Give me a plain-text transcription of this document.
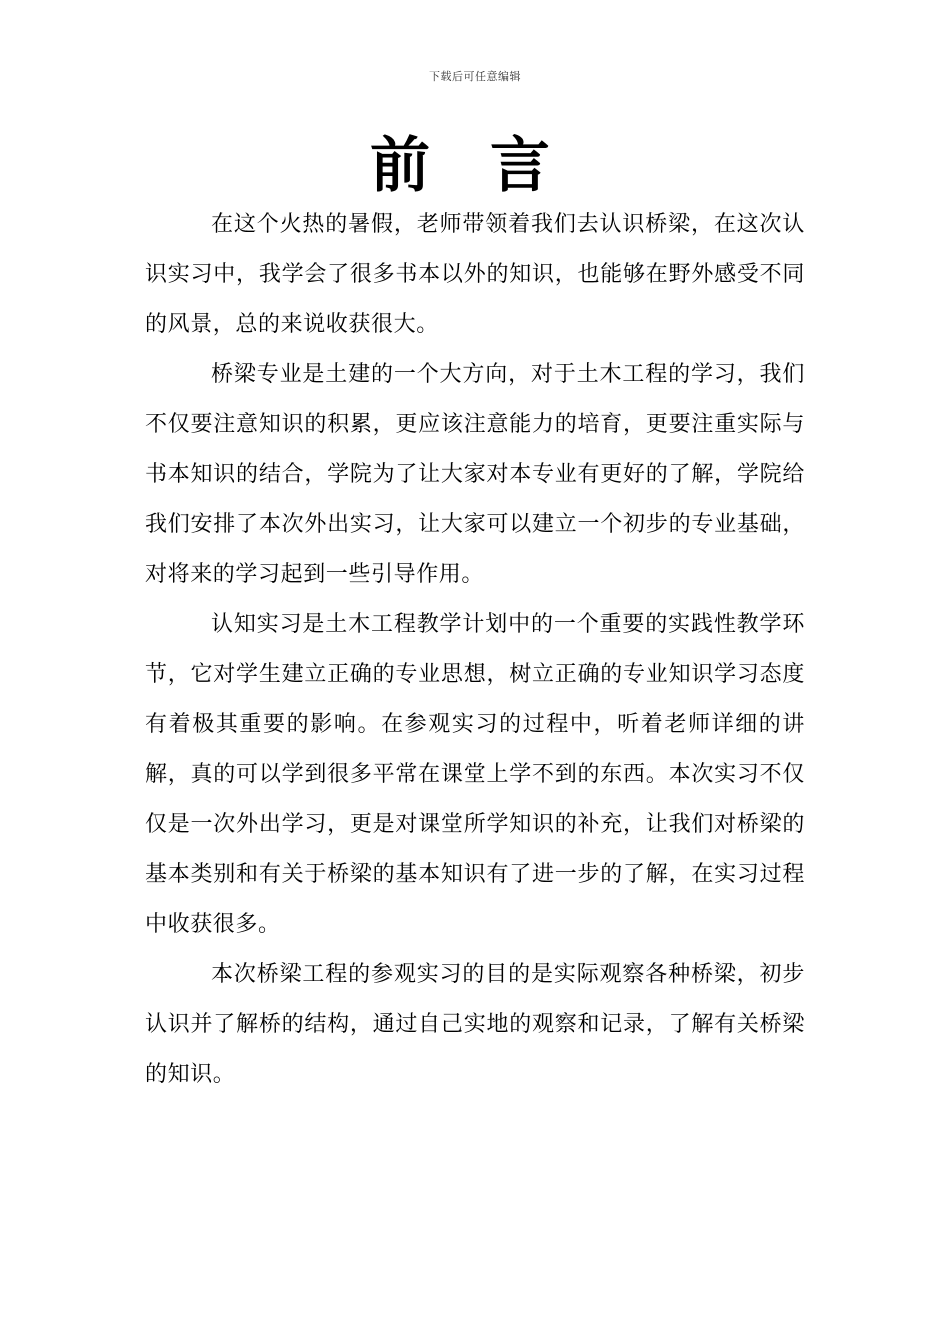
下载后可任意编辑
前言

在这个火热的暑假，老师带领着我们去认识桥梁，在这次认识实习中，我学会了很多书本以外的知识，也能够在野外感受不同的风景，总的来说收获很大。

桥梁专业是土建的一个大方向，对于土木工程的学习，我们不仅要注意知识的积累，更应该注意能力的培育，更要注重实际与书本知识的结合，学院为了让大家对本专业有更好的了解，学院给我们安排了本次外出实习，让大家可以建立一个初步的专业基础，对将来的学习起到一些引导作用。

认知实习是土木工程教学计划中的一个重要的实践性教学环节，它对学生建立正确的专业思想，树立正确的专业知识学习态度有着极其重要的影响。在参观实习的过程中，听着老师详细的讲解，真的可以学到很多平常在课堂上学不到的东西。本次实习不仅仅是一次外出学习，更是对课堂所学知识的补充，让我们对桥梁的基本类别和有关于桥梁的基本知识有了进一步的了解，在实习过程中收获很多。

本次桥梁工程的参观实习的目的是实际观察各种桥梁，初步认识并了解桥的结构，通过自己实地的观察和记录，了解有关桥梁的知识。
